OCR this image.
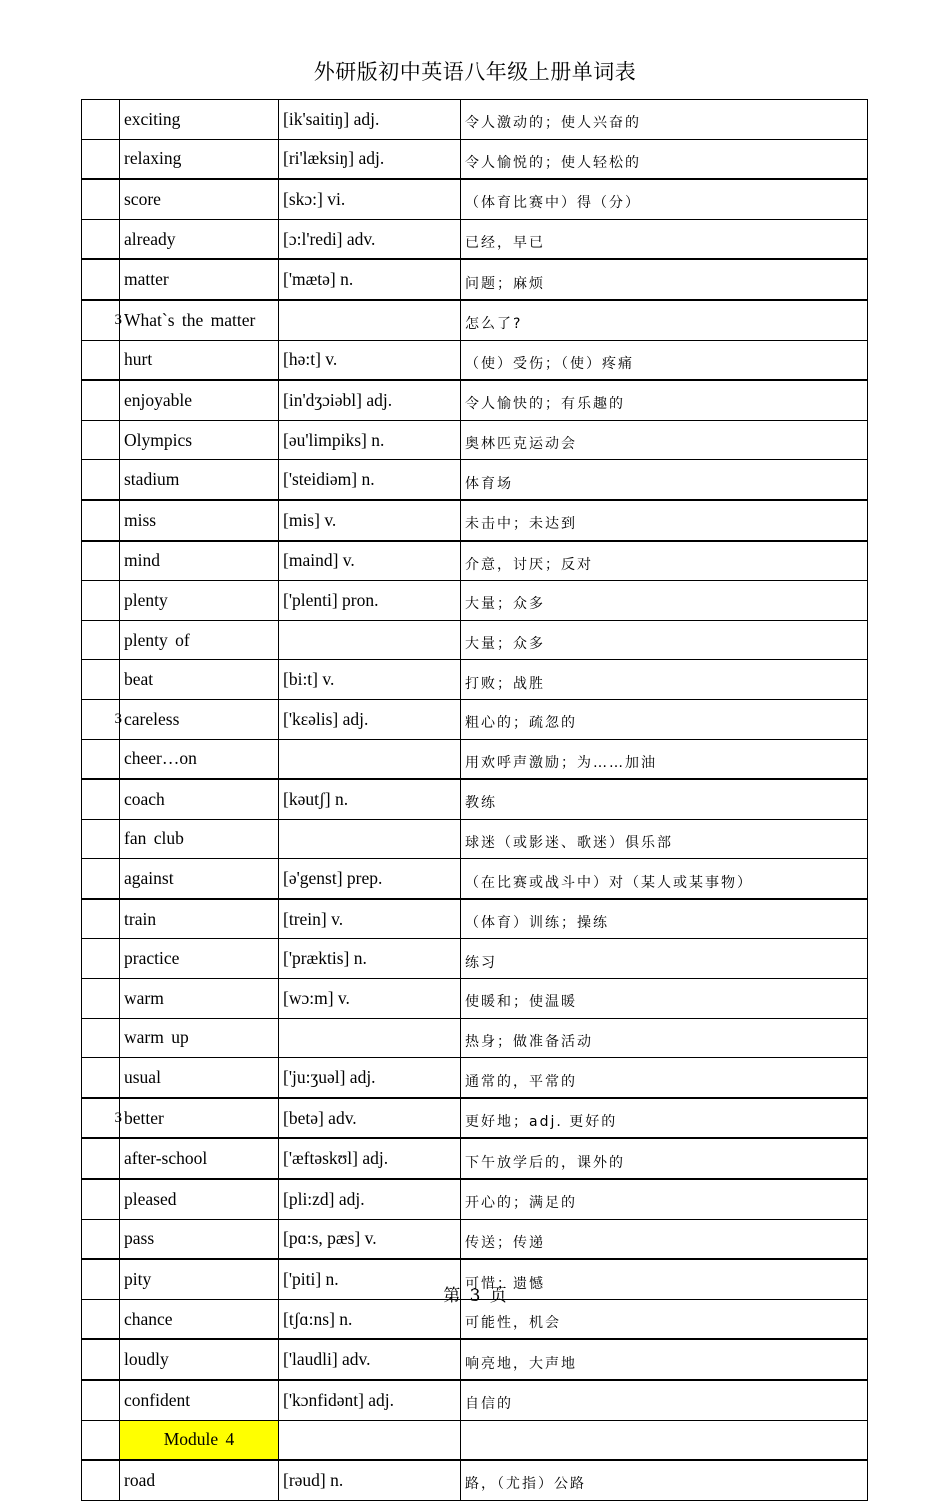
外研版初中英语八年级上册单词表
	exciting	[ik'saitiŋ] adj.	令人激动的；使人兴奋的
	relaxing	[ri'læksiŋ] adj.	令人愉悦的；使人轻松的
	score	[skɔ:] vi.	（体育比赛中）得（分）
	already	[ɔ:l'redi] adv.	已经，早已
	matter	['mætə] n.	问题；麻烦
3	What`s the matter		怎么了?
	hurt	[hə:t] v.	（使）受伤；（使）疼痛
	enjoyable	[in'dʒɔiəbl] adj.	令人愉快的；有乐趣的
	Olympics	[əu'limpiks] n.	奥林匹克运动会
	stadium	['steidiəm] n.	体育场
	miss	[mis] v.	未击中；未达到
	mind	[maind] v.	介意，讨厌；反对
	plenty	['plenti] pron.	大量；众多
	plenty of		大量；众多
	beat	[bi:t] v.	打败；战胜
3	careless	['kɛəlis] adj.	粗心的；疏忽的
	cheer…on		用欢呼声激励；为……加油
	coach	[kəutʃ] n.	教练
	fan club		球迷（或影迷、歌迷）俱乐部
	against	[ə'genst] prep.	（在比赛或战斗中）对（某人或某事物）
	train	[trein] v.	（体育）训练；操练
	practice	['præktis] n.	练习
	warm	[wɔ:m] v.	使暖和；使温暖
	warm up		热身；做准备活动
	usual	['ju:ʒuəl] adj.	通常的，平常的
3	better	[betə] adv.	更好地；adj. 更好的
	after-school	['æftəskʊl] adj.	下午放学后的，课外的
	pleased	[pli:zd] adj.	开心的；满足的
	pass	[pɑ:s, pæs] v.	传送；传递
	pity	['piti] n.	可惜；遗憾
	chance	[tʃɑ:ns] n.	可能性，机会
	loudly	['laudli] adv.	响亮地，大声地
	confident	['kɔnfidənt] adj.	自信的
	Module 4		
	road	[rəud] n.	路，（尤指）公路
第 3 页
